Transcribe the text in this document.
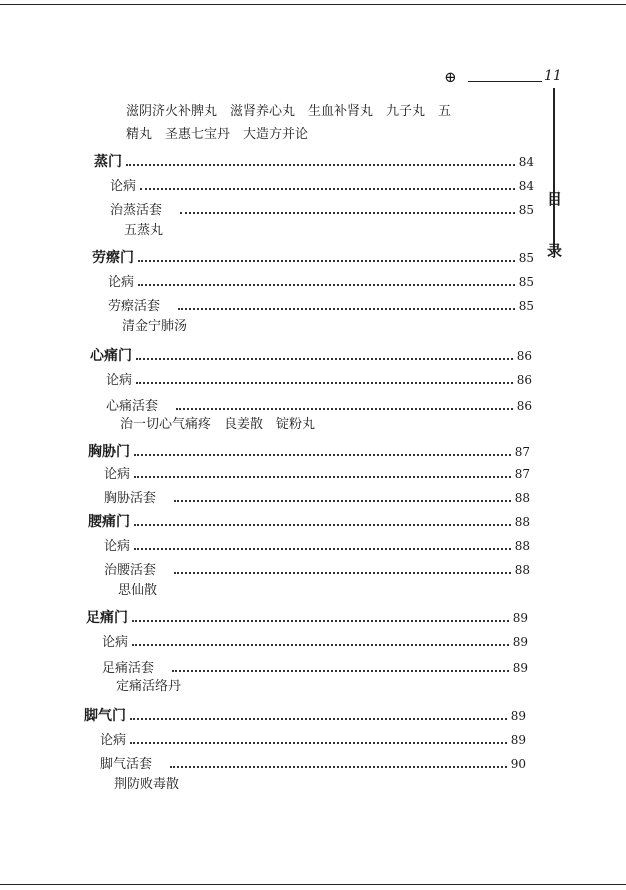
⊕	11
目
录
滋阴济火补脾丸　滋肾养心丸　生血补肾丸　九子丸　五
精丸　圣惠七宝丹　大造方并论
蒸门	84
论病	84
治蒸活套	85
五蒸丸
劳瘵门	85
论病	85
劳瘵活套	85
清金宁肺汤
心痛门	86
论病	86
心痛活套	86
治一切心气痛疼　良姜散　锭粉丸
胸胁门	87
论病	87
胸胁活套	88
腰痛门	88
论病	88
治腰活套	88
思仙散
足痛门	89
论病	89
足痛活套	89
定痛活络丹
脚气门	89
论病	89
脚气活套	90
荆防败毒散
